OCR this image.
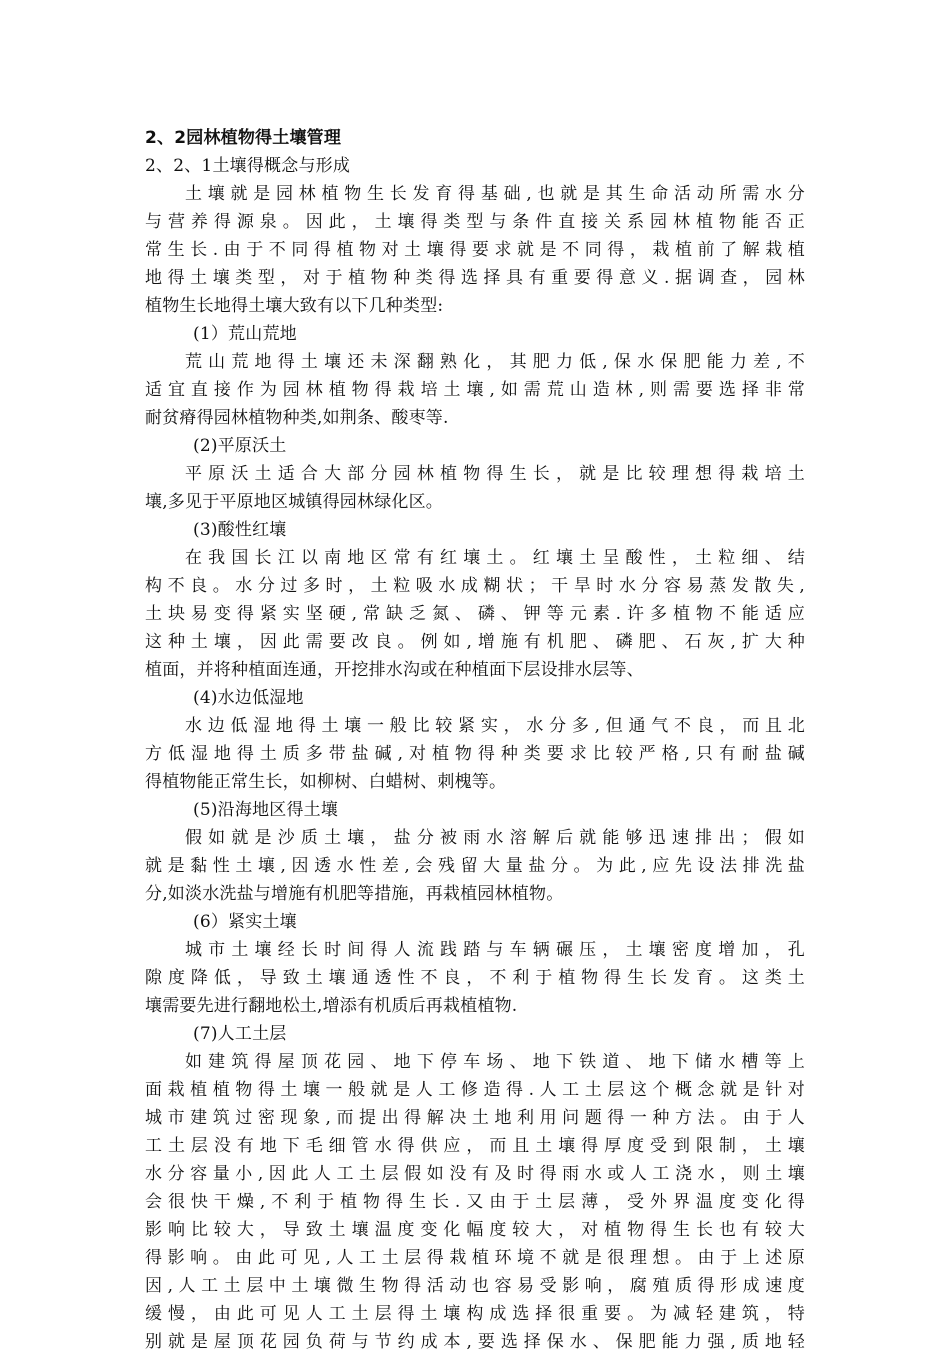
2、2园林植物得土壤管理
2、2、1土壤得概念与形成
土壤就是园林植物生长发育得基础,也就是其生命活动所需水分
与营养得源泉。因此，土壤得类型与条件直接关系园林植物能否正
常生长.由于不同得植物对土壤得要求就是不同得，栽植前了解栽植
地得土壤类型，对于植物种类得选择具有重要得意义.据调查，园林
植物生长地得土壤大致有以下几种类型:
(1）荒山荒地
荒山荒地得土壤还未深翻熟化，其肥力低,保水保肥能力差,不
适宜直接作为园林植物得栽培土壤,如需荒山造林,则需要选择非常
耐贫瘠得园林植物种类,如荆条、酸枣等.
(2)平原沃土
平原沃土适合大部分园林植物得生长，就是比较理想得栽培土
壤,多见于平原地区城镇得园林绿化区。
(3)酸性红壤
在我国长江以南地区常有红壤土。红壤土呈酸性，土粒细、结
构不良。水分过多时，土粒吸水成糊状；干旱时水分容易蒸发散失,
土块易变得紧实坚硬,常缺乏氮、磷、钾等元素.许多植物不能适应
这种土壤，因此需要改良。例如,增施有机肥、磷肥、石灰,扩大种
植面，并将种植面连通，开挖排水沟或在种植面下层设排水层等、
(4)水边低湿地
水边低湿地得土壤一般比较紧实，水分多,但通气不良，而且北
方低湿地得土质多带盐碱,对植物得种类要求比较严格,只有耐盐碱
得植物能正常生长，如柳树、白蜡树、刺槐等。
(5)沿海地区得土壤
假如就是沙质土壤，盐分被雨水溶解后就能够迅速排出；假如
就是黏性土壤,因透水性差,会残留大量盐分。为此,应先设法排洗盐
分,如淡水洗盐与增施有机肥等措施，再栽植园林植物。
(6）紧实土壤
城市土壤经长时间得人流践踏与车辆碾压，土壤密度增加，孔
隙度降低，导致土壤通透性不良，不利于植物得生长发育。这类土
壤需要先进行翻地松土,增添有机质后再栽植植物.
(7)人工土层
如建筑得屋顶花园、地下停车场、地下铁道、地下储水槽等上
面栽植植物得土壤一般就是人工修造得.人工土层这个概念就是针对
城市建筑过密现象,而提出得解决土地利用问题得一种方法。由于人
工土层没有地下毛细管水得供应，而且土壤得厚度受到限制，土壤
水分容量小,因此人工土层假如没有及时得雨水或人工浇水，则土壤
会很快干燥,不利于植物得生长.又由于土层薄，受外界温度变化得
影响比较大，导致土壤温度变化幅度较大，对植物得生长也有较大
得影响。由此可见,人工土层得栽植环境不就是很理想。由于上述原
因,人工土层中土壤微生物得活动也容易受影响，腐殖质得形成速度
缓慢，由此可见人工土层得土壤构成选择很重要。为减轻建筑，特
别就是屋顶花园负荷与节约成本,要选择保水、保肥能力强,质地轻
